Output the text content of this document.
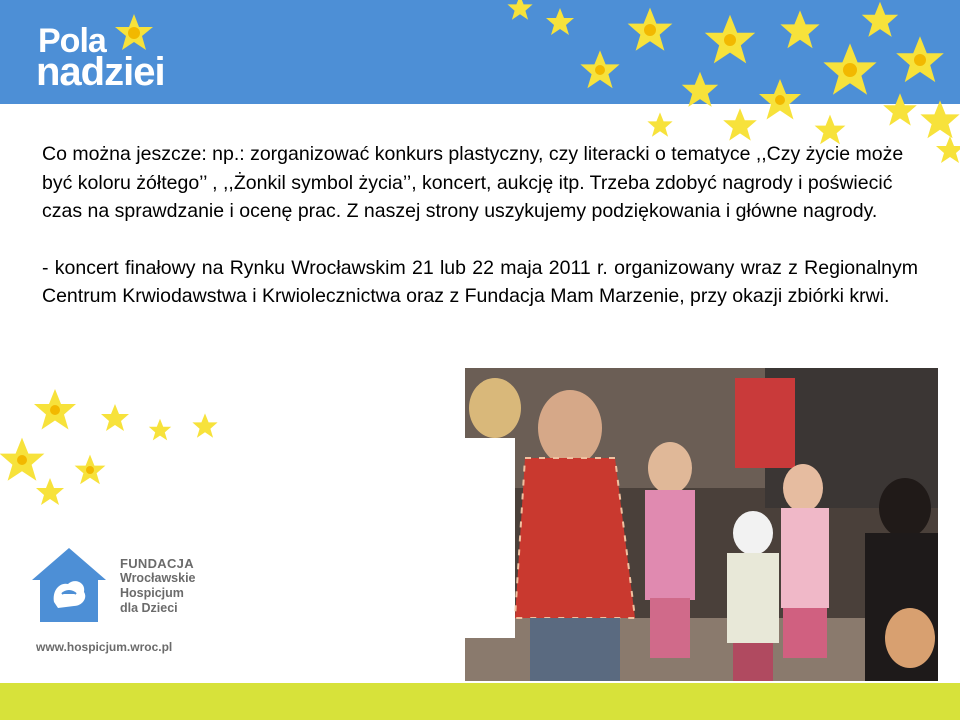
Pola
nadziei

Co można jeszcze: np.: zorganizować konkurs plastyczny, czy literacki o tematyce ,,Czy życie może być koloru żółtego’’ , ,,Żonkil symbol życia’’, koncert, aukcję itp. Trzeba zdobyć nagrody i poświecić czas na sprawdzanie i ocenę prac. Z naszej strony uszykujemy podziękowania i główne nagrody.

- koncert finałowy na Rynku Wrocławskim 21 lub 22 maja 2011 r. organizowany wraz z Regionalnym Centrum Krwiodawstwa i Krwiolecznictwa oraz z Fundacja Mam Marzenie, przy okazji zbiórki krwi.

FUNDACJA
Wrocławskie
Hospicjum
dla Dzieci
www.hospicjum.wroc.pl
